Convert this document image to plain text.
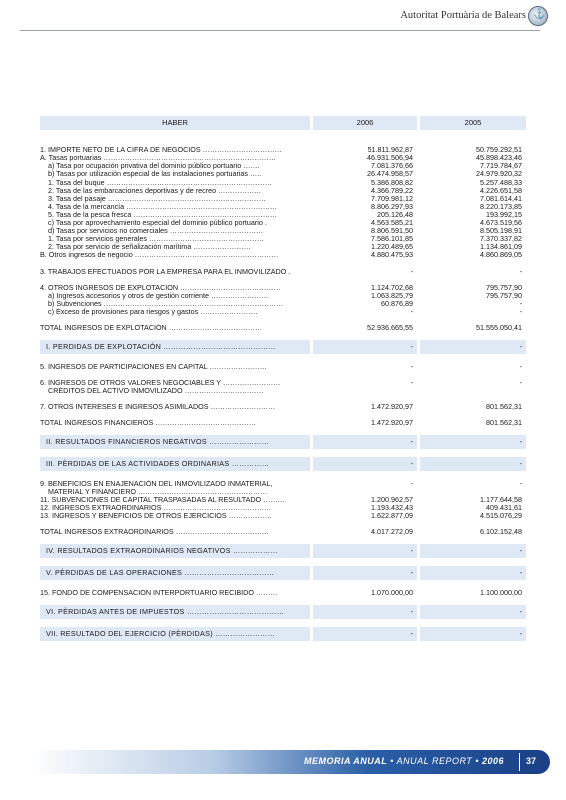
Autoritat Portuària de Balears ⚓
HABER	2006	2005
1. IMPORTE NETO DE LA CIFRA DE NEGOCIOS ……………………………	51.811.962,87	50.759.292,51
A. Tasas portuarias ………………………………………………………………	46.931.506,94	45.898.423,46
a) Tasa por ocupación privativa del dominio público portuario …….	7.081.376,66	7.719.784,67
b) Tasas por utilización especial de las instalaciones portuarias …..	26.474.958,57	24.979.920,32
1. Tasa del buque ……………………………………………………………	5.386.808,82	5.257.488,33
2. Tasa de las embarcaciones deportivas y de recreo ………………	4.366.789,22	4.226.651,58
3. Tasa del pasaje …………………………………………………………	7.709.981,12	7.081.614,41
4. Tasa de la mercancía ………………………………………………………	8.806.297,93	8.220.173,85
5. Tasa de la pesca fresca ……………………………………………………	205.126,48	193.992,15
c) Tasa por aprovechamiento especial del dominio público portuario .	4.563.585,21	4.673.519,56
d) Tasas por servicios no comerciales …………………………………	8.806.591,50	8.505.198,91
1. Tasa por servicios generales …………………………………………	7.586.101,85	7.370.337,82
2. Tasa por servicio de señalización marítima ……………………	1.220.489,65	1.134.861,09
B. Otros ingresos de negocio ……………………………………………………	4.880.475,93	4.860.869,05
3. TRABAJOS EFECTUADOS POR LA EMPRESA PARA EL INMOVILIZADO .	-	-
4. OTROS INGRESOS DE EXPLOTACION ……………………………………	1.124.702,68	795.757,90
a) Ingresos accesorios y otros de gestión corriente ……………………	1.063.825,79	795.757,90
b) Subvenciones …………………………………………………………………	60.876,89	-
c) Exceso de provisiones para riesgos y gastos ……………………	-	-
TOTAL INGRESOS DE EXPLOTACIÓN …………………………………	52.936.665,55	51.555.050,41
I. PERDIDAS DE EXPLOTACIÓN ………………………………………	-	-
5. INGRESOS DE PARTICIPACIONES EN CAPITAL ……………………	-	-
6. INGRESOS DE OTROS VALORES NEGOCIABLES Y ……………………	-	-
CRÉDITOS DEL ACTIVO INMOVILIZADO ……………………………
7. OTROS INTERESES E INGRESOS ASIMILADOS ………………………	1.472.920,97	801.562,31
TOTAL INGRESOS FINANCIEROS ……………………………………	1.472.920,97	801.562,31
II. RESULTADOS FINANCIEROS NEGATIVOS ……………………	-	-
III. PÈRDIDAS DE LAS ACTIVIDADES ORDINARIAS ……………	-	-
9. BENEFICIOS EN ENAJENACIÓN DEL INMOVILIZADO INMATERIAL,	-	-
MATERIAL Y FINANCIERO ………………………………………………
11. SUBVENCIONES DE CAPITAL TRASPASADAS AL RESULTADO ………	1.200.962,57	1.177.644,58
12. INGRESOS EXTRAORDINARIOS ………………………………………	1.193.432,43	409.431,61
13. INGRESOS Y BENEFICIOS DE OTROS EJERCICIOS ………………	1.622.877,09	4.515.076,29
TOTAL INGRESOS EXTRAORDINARIOS …………………………………	4.017.272,09	6.102.152,48
IV. RESULTADOS EXTRAORDINARIOS NEGATIVOS ………………	-	-
V. PÈRDIDAS DE LAS OPERACIONES ………………………………	-	-
15. FONDO DE COMPENSACIÓN INTERPORTUARIO RECIBIDO ………	1.070.000,00	1.100.000,00
VI. PÈRDIDAS ANTES DE IMPUESTOS …………………………………	-	-
VII. RESULTADO DEL EJERCICIO (PÈRDIDAS) ……………………	-	-
MEMORIA ANUAL • ANUAL REPORT • 2006 37
